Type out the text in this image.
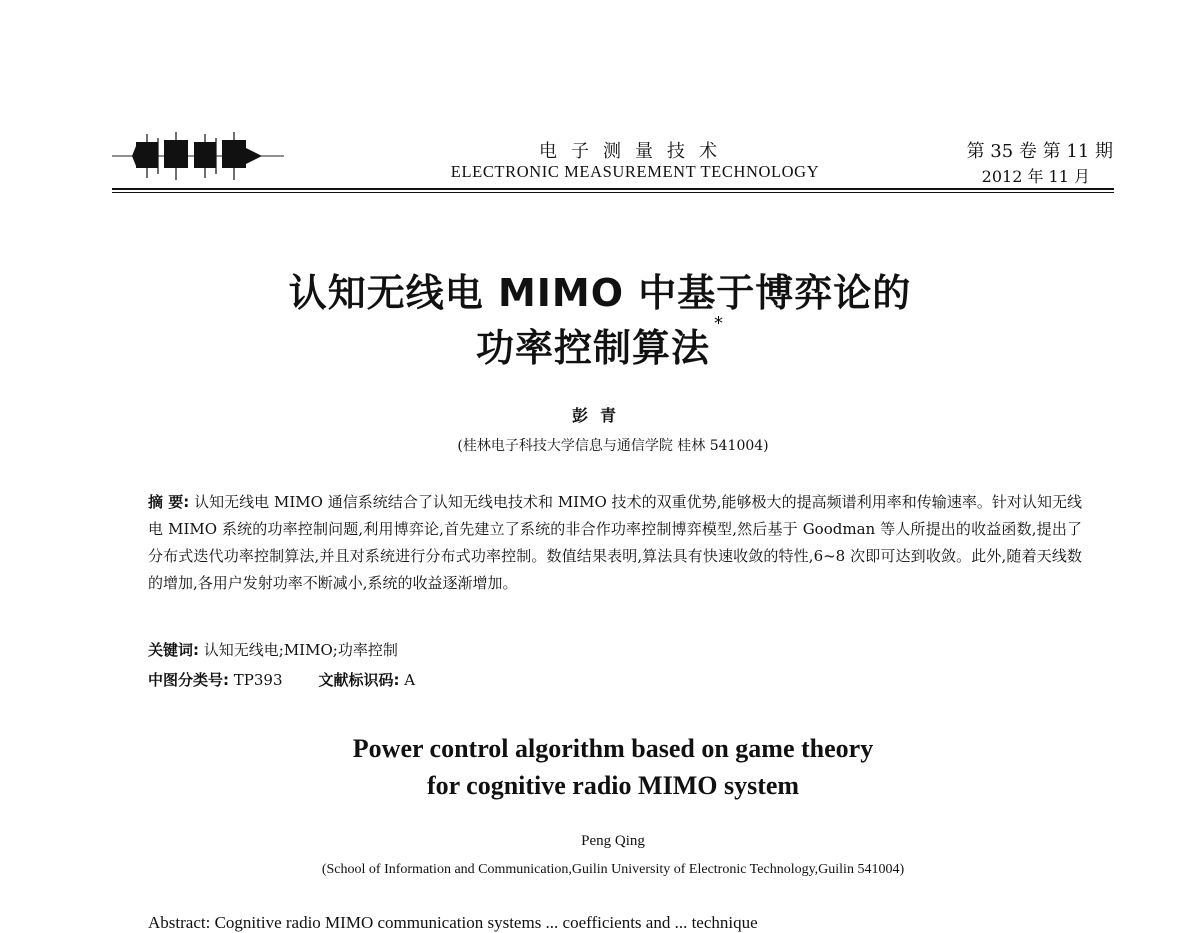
电子测量技术
ELECTRONIC MEASUREMENT TECHNOLOGY
第 35 卷 第 11 期
2012 年 11 月
认知无线电 MIMO 中基于博弈论的
功率控制算法*
彭青
(桂林电子科技大学信息与通信学院 桂林 541004)
摘 要: 认知无线电 MIMO 通信系统结合了认知无线电技术和 MIMO 技术的双重优势,能够极大的提高频谱利用率和传输速率。针对认知无线电 MIMO 系统的功率控制问题,利用博弈论,首先建立了系统的非合作功率控制博弈模型,然后基于 Goodman 等人所提出的收益函数,提出了分布式迭代功率控制算法,并且对系统进行分布式功率控制。数值结果表明,算法具有快速收敛的特性,6~8 次即可达到收敛。此外,随着天线数的增加,各用户发射功率不断减小,系统的收益逐渐增加。
关键词: 认知无线电;MIMO;功率控制
中图分类号: TP393 文献标识码: A
Power control algorithm based on game theory
for cognitive radio MIMO system
Peng Qing
(School of Information and Communication,Guilin University of Electronic Technology,Guilin 541004)
Abstract: Cognitive radio MIMO communication systems ... coefficients and ... technique
